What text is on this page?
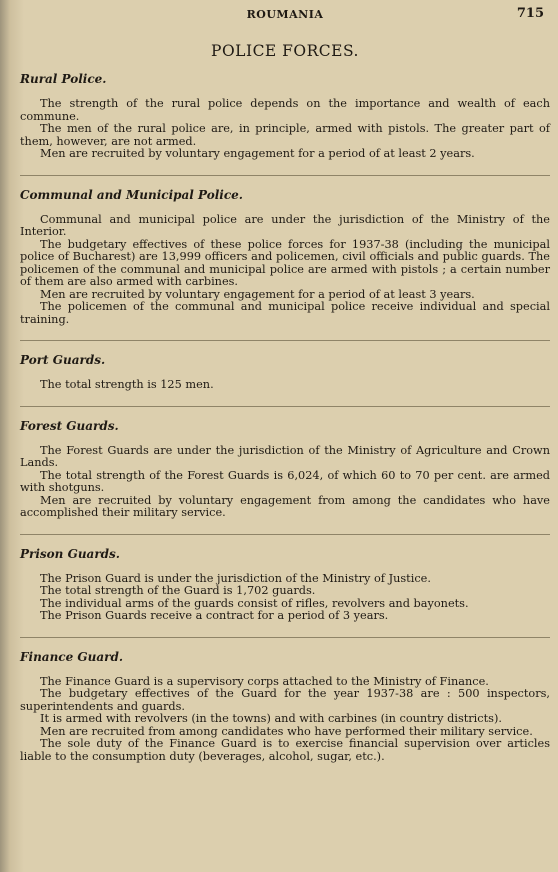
ROUMANIA	715
POLICE FORCES.
Rural Police.

The strength of the rural police depends on the importance and wealth of each commune.

The men of the rural police are, in principle, armed with pistols. The greater part of them, however, are not armed.

Men are recruited by voluntary engagement for a period of at least 2 years.

Communal and Municipal Police.

Communal and municipal police are under the jurisdiction of the Ministry of the Interior.

The budgetary effectives of these police forces for 1937-38 (including the municipal police of Bucharest) are 13,999 officers and policemen, civil officials and public guards. The policemen of the communal and municipal police are armed with pistols ; a certain number of them are also armed with carbines.

Men are recruited by voluntary engagement for a period of at least 3 years.

The policemen of the communal and municipal police receive individual and special training.

Port Guards.

The total strength is 125 men.

Forest Guards.

The Forest Guards are under the jurisdiction of the Ministry of Agriculture and Crown Lands.

The total strength of the Forest Guards is 6,024, of which 60 to 70 per cent. are armed with shotguns.

Men are recruited by voluntary engagement from among the candidates who have accomplished their military service.

Prison Guards.

The Prison Guard is under the jurisdiction of the Ministry of Justice.

The total strength of the Guard is 1,702 guards.

The individual arms of the guards consist of rifles, revolvers and bayonets.

The Prison Guards receive a contract for a period of 3 years.

Finance Guard.

The Finance Guard is a supervisory corps attached to the Ministry of Finance.

The budgetary effectives of the Guard for the year 1937-38 are : 500 inspectors, superintendents and guards.

It is armed with revolvers (in the towns) and with carbines (in country districts).

Men are recruited from among candidates who have performed their military service.

The sole duty of the Finance Guard is to exercise financial supervision over articles liable to the consumption duty (beverages, alcohol, sugar, etc.).
